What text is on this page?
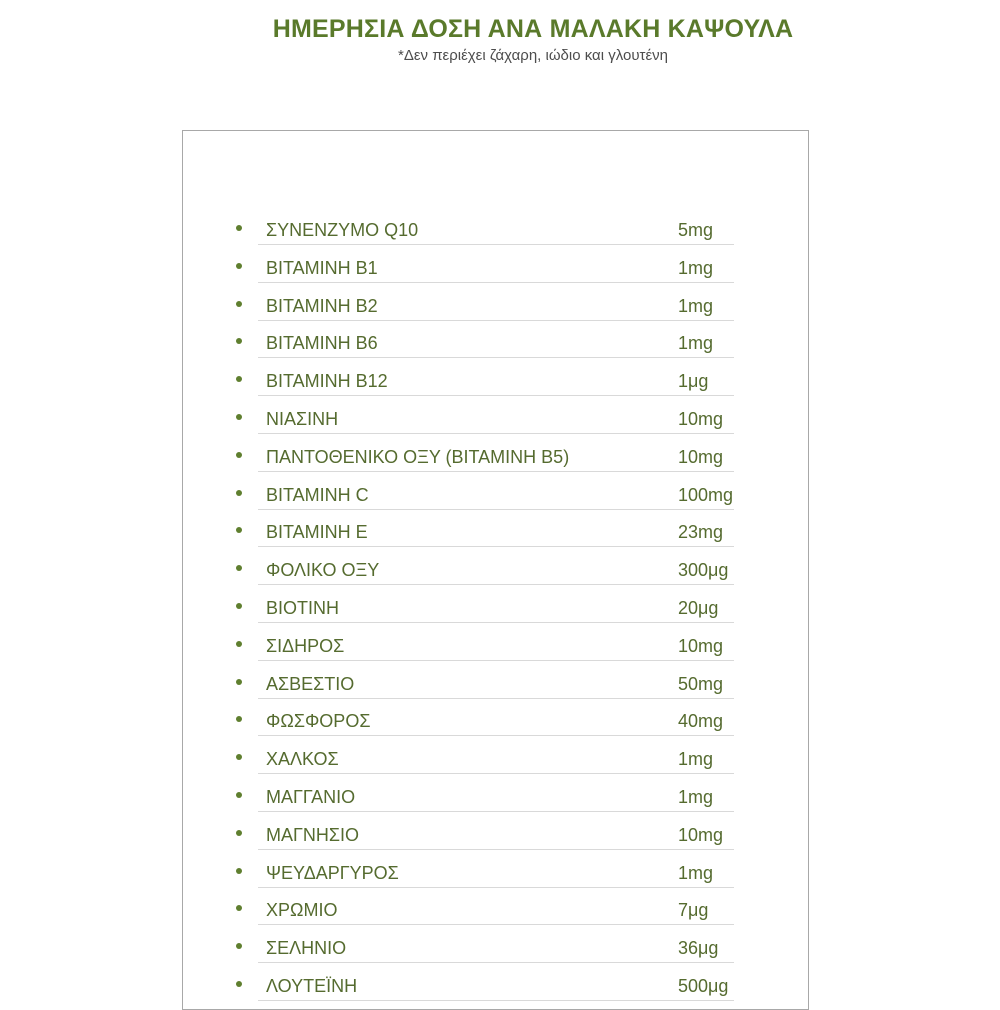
ΗΜΕΡΗΣΙΑ ΔΟΣΗ ΑΝΑ ΜΑΛΑΚΗ ΚΑΨΟΥΛΑ

*Δεν περιέχει ζάχαρη, ιώδιο και γλουτένη

ΣΥΝΕΝΖΥΜΟ Q10	5mg
ΒΙΤΑΜΙΝΗ Β1	1mg
ΒΙΤΑΜΙΝΗ Β2	1mg
ΒΙΤΑΜΙΝΗ Β6	1mg
ΒΙΤΑΜΙΝΗ Β12	1μg
ΝΙΑΣΙΝΗ	10mg
ΠΑΝΤΟΘΕΝΙΚΟ ΟΞΥ (ΒΙΤΑΜΙΝΗ Β5)	10mg
ΒΙΤΑΜΙΝΗ C	100mg
ΒΙΤΑΜΙΝΗ Ε	23mg
ΦΟΛΙΚΟ ΟΞΥ	300μg
ΒΙΟΤΙΝΗ	20μg
ΣΙΔΗΡΟΣ	10mg
ΑΣΒΕΣΤΙΟ	50mg
ΦΩΣΦΟΡΟΣ	40mg
ΧΑΛΚΟΣ	1mg
ΜΑΓΓΑΝΙΟ	1mg
ΜΑΓΝΗΣΙΟ	10mg
ΨΕΥΔΑΡΓΥΡΟΣ	1mg
ΧΡΩΜΙΟ	7μg
ΣΕΛΗΝΙΟ	36μg
ΛΟΥΤΕΪΝΗ	500μg
